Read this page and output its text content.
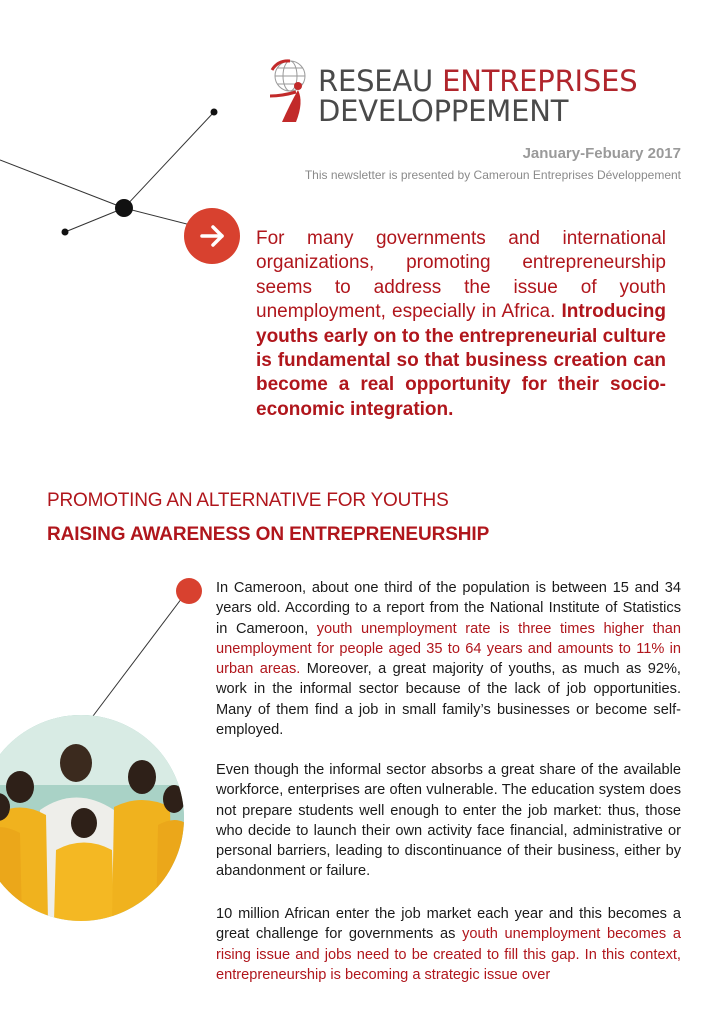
RESEAU ENTREPRISES
DEVELOPPEMENT
January-Febuary 2017
This newsletter is presented by Cameroun Entreprises Développement
For many governments and international organizations, promoting entrepreneurship seems to address the issue of youth unemployment, especially in Africa. Introducing youths early on to the entrepreneurial culture is fundamental so that business creation can become a real opportunity for their socio-economic integration.
PROMOTING AN ALTERNATIVE FOR YOUTHS
RAISING AWARENESS ON ENTREPRENEURSHIP
In Cameroon, about one third of the population is between 15 and 34 years old. According to a report from the National Institute of Statistics in Cameroon, youth unemployment rate is three times higher than unemployment for people aged 35 to 64 years and amounts to 11% in urban areas. Moreover, a great majority of youths, as much as 92%, work in the informal sector because of the lack of job opportunities. Many of them find a job in small family’s businesses or become self-employed.
Even though the informal sector absorbs a great share of the available workforce, enterprises are often vulnerable. The education system does not prepare students well enough to enter the job market: thus, those who decide to launch their own activity face financial, administrative or personal barriers, leading to discontinuance of their business, either by abandonment or failure.
10 million African enter the job market each year and this becomes a great challenge for governments as youth unemployment becomes a rising issue and jobs need to be created to fill this gap. In this context, entrepreneurship is becoming a strategic issue over
